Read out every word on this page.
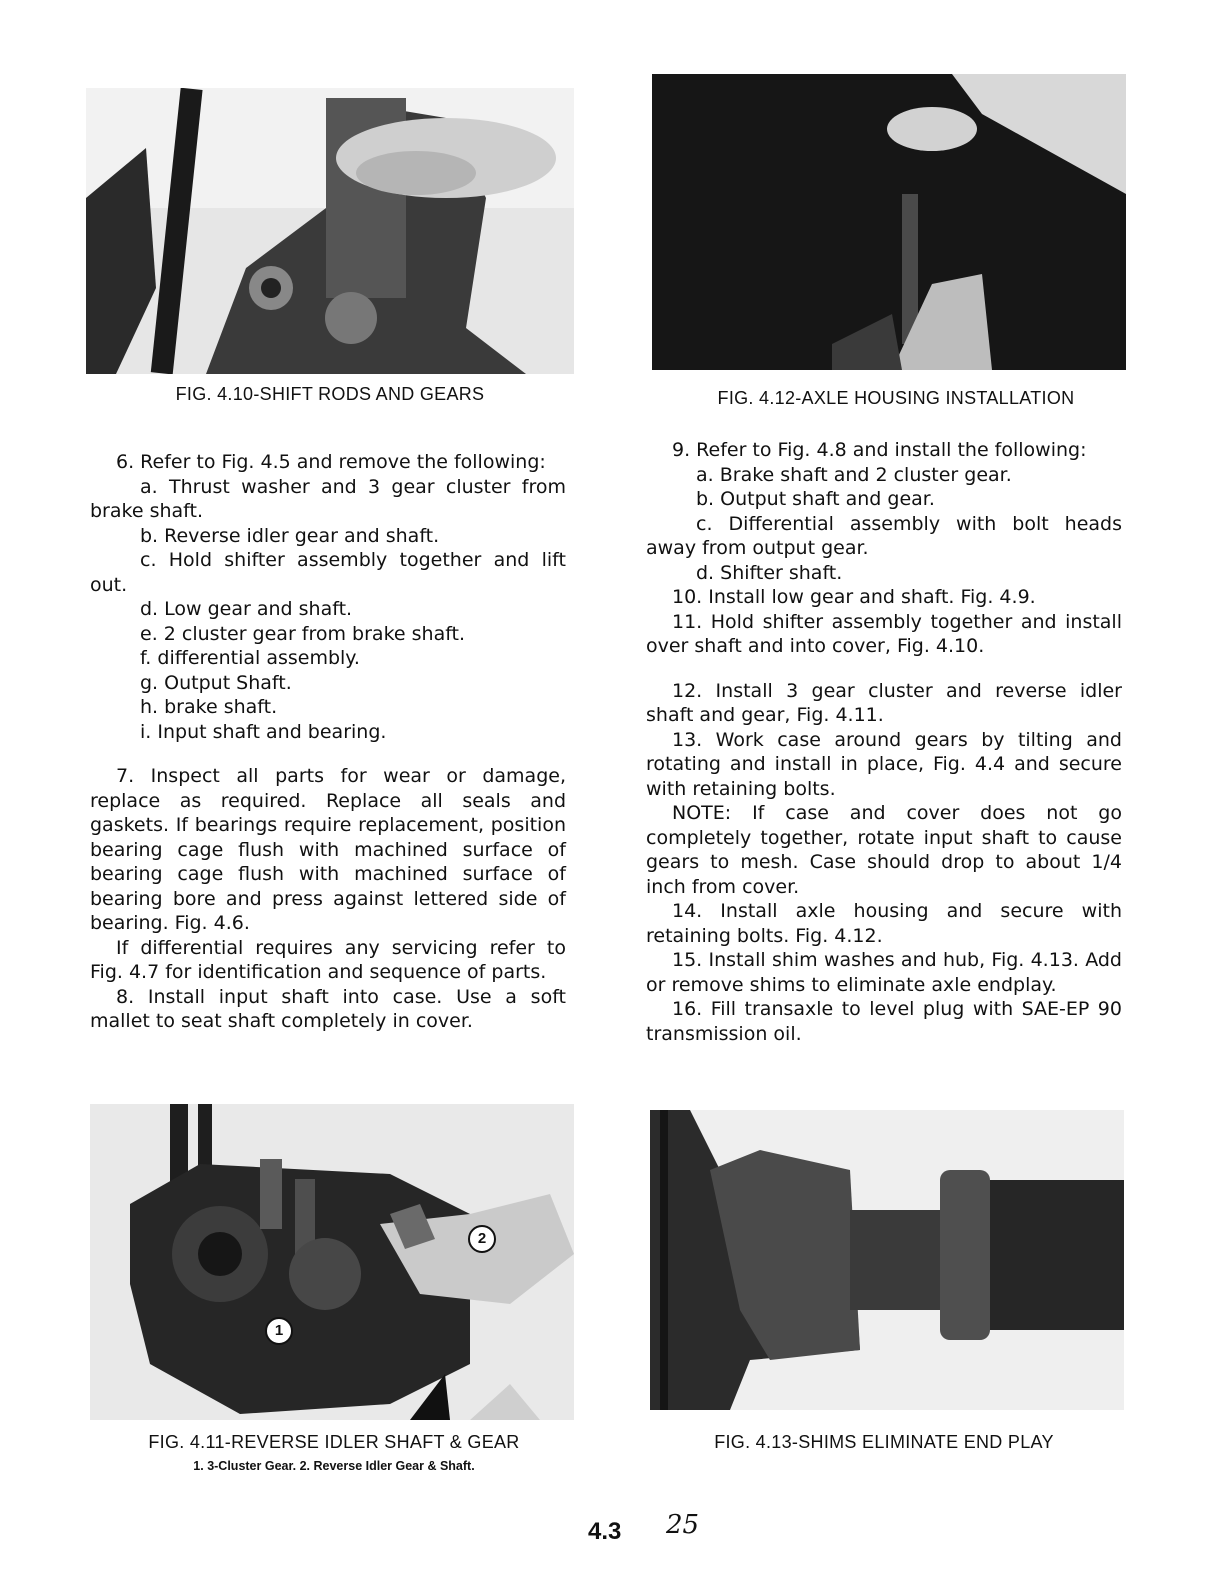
FIG. 4.10-SHIFT RODS AND GEARS	FIG. 4.12-AXLE HOUSING INSTALLATION

6. Refer to Fig. 4.5 and remove the following:

a. Thrust washer and 3 gear cluster from brake shaft.

b. Reverse idler gear and shaft.

c. Hold shifter assembly together and lift out.

d. Low gear and shaft.

e. 2 cluster gear from brake shaft.

f. differential assembly.

g. Output Shaft.

h. brake shaft.

i. Input shaft and bearing.

7. Inspect all parts for wear or damage, replace as required. Replace all seals and gaskets. If bearings require replacement, position bearing cage flush with machined surface of bearing cage flush with machined surface of bearing bore and press against lettered side of bearing. Fig. 4.6.

If differential requires any servicing refer to Fig. 4.7 for identification and sequence of parts.

8. Install input shaft into case. Use a soft mallet to seat shaft completely in cover.

9. Refer to Fig. 4.8 and install the following:

a. Brake shaft and 2 cluster gear.

b. Output shaft and gear.

c. Differential assembly with bolt heads away from output gear.

d. Shifter shaft.

10. Install low gear and shaft. Fig. 4.9.

11. Hold shifter assembly together and install over shaft and into cover, Fig. 4.10.

12. Install 3 gear cluster and reverse idler shaft and gear, Fig. 4.11.

13. Work case around gears by tilting and rotating and install in place, Fig. 4.4 and secure with retaining bolts.

NOTE: If case and cover does not go completely together, rotate input shaft to cause gears to mesh. Case should drop to about 1/4 inch from cover.

14. Install axle housing and secure with retaining bolts. Fig. 4.12.

15. Install shim washes and hub, Fig. 4.13. Add or remove shims to eliminate axle endplay.

16. Fill transaxle to level plug with SAE-EP 90 transmission oil.

2
1
FIG. 4.11-REVERSE IDLER SHAFT & GEAR
1. 3-Cluster Gear. 2. Reverse Idler Gear & Shaft.
FIG. 4.13-SHIMS ELIMINATE END PLAY
4.3 25
